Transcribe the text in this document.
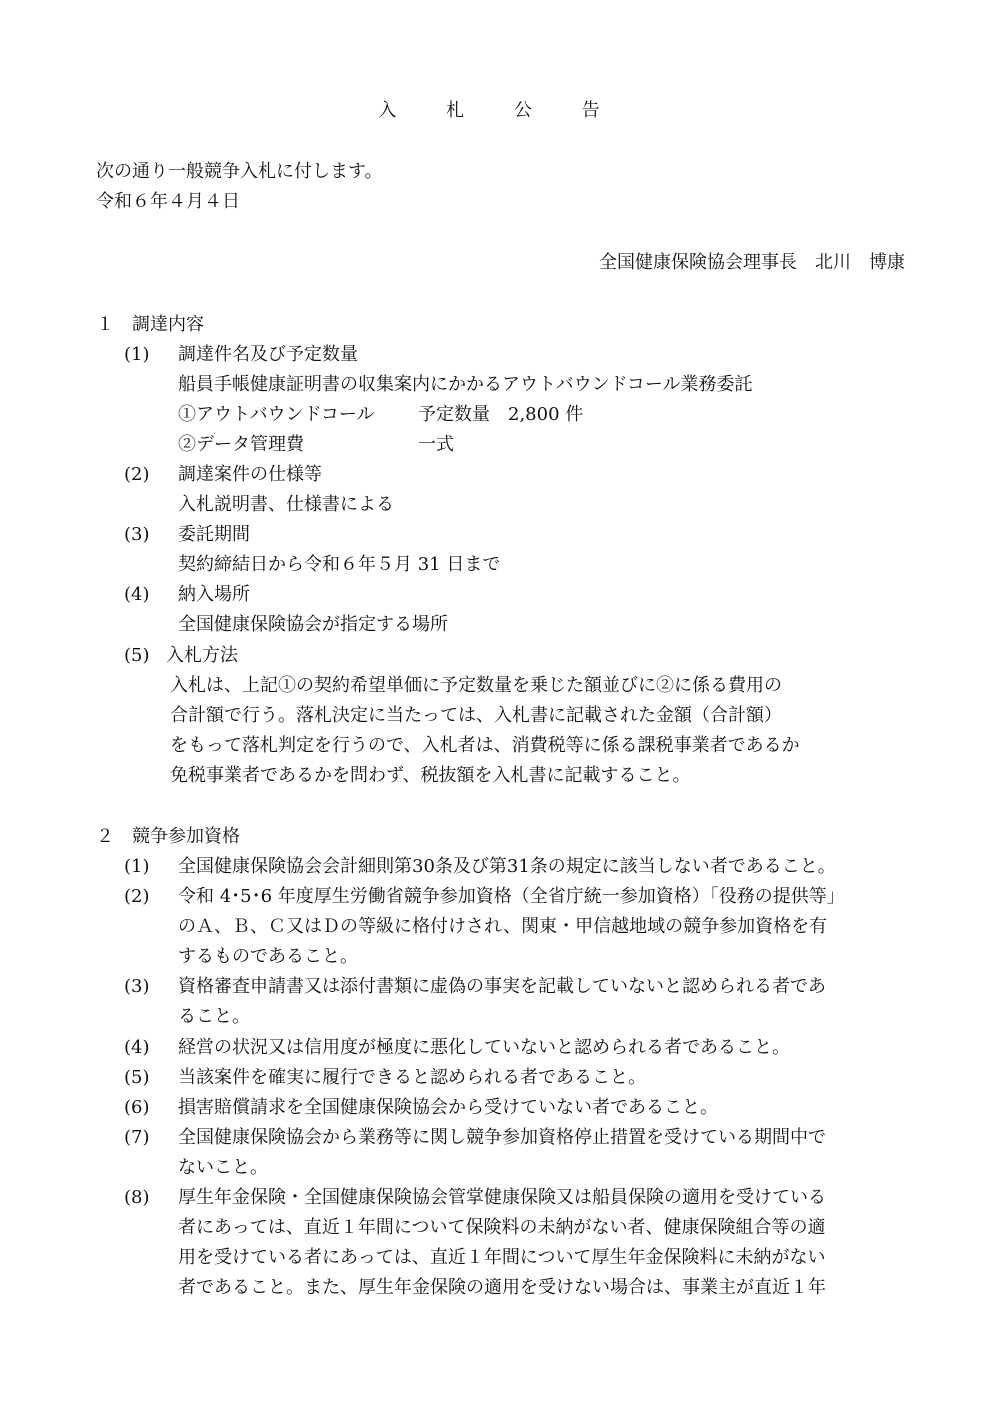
入 札 公 告
次の通り一般競争入札に付します。
令和６年４月４日
全国健康保険協会理事長　北川　博康
１　調達内容
(1) 調達件名及び予定数量
船員手帳健康証明書の収集案内にかかるアウトバウンドコール業務委託
①アウトバウンドコール 予定数量　2,800 件
②データ管理費	一式
(2) 調達案件の仕様等
入札説明書、仕様書による
(3) 委託期間
契約締結日から令和６年５月 31 日まで
(4) 納入場所
全国健康保険協会が指定する場所
(5) 入札方法
入札は、上記①の契約希望単価に予定数量を乗じた額並びに②に係る費用の
合計額で行う。落札決定に当たっては、入札書に記載された金額（合計額）
をもって落札判定を行うので、入札者は、消費税等に係る課税事業者であるか
免税事業者であるかを問わず、税抜額を入札書に記載すること。
２　競争参加資格
(1) 全国健康保険協会会計細則第30条及び第31条の規定に該当しない者であること。
(2) 令和 4･5･6 年度厚生労働省競争参加資格（全省庁統一参加資格）「役務の提供等」
のＡ、Ｂ、Ｃ又はＤの等級に格付けされ、関東・甲信越地域の競争参加資格を有
するものであること。
(3) 資格審査申請書又は添付書類に虚偽の事実を記載していないと認められる者であ
ること。
(4) 経営の状況又は信用度が極度に悪化していないと認められる者であること。
(5) 当該案件を確実に履行できると認められる者であること。
(6) 損害賠償請求を全国健康保険協会から受けていない者であること。
(7) 全国健康保険協会から業務等に関し競争参加資格停止措置を受けている期間中で
ないこと。
(8) 厚生年金保険・全国健康保険協会管掌健康保険又は船員保険の適用を受けている
者にあっては、直近１年間について保険料の未納がない者、健康保険組合等の適
用を受けている者にあっては、直近１年間について厚生年金保険料に未納がない
者であること。また、厚生年金保険の適用を受けない場合は、事業主が直近１年
